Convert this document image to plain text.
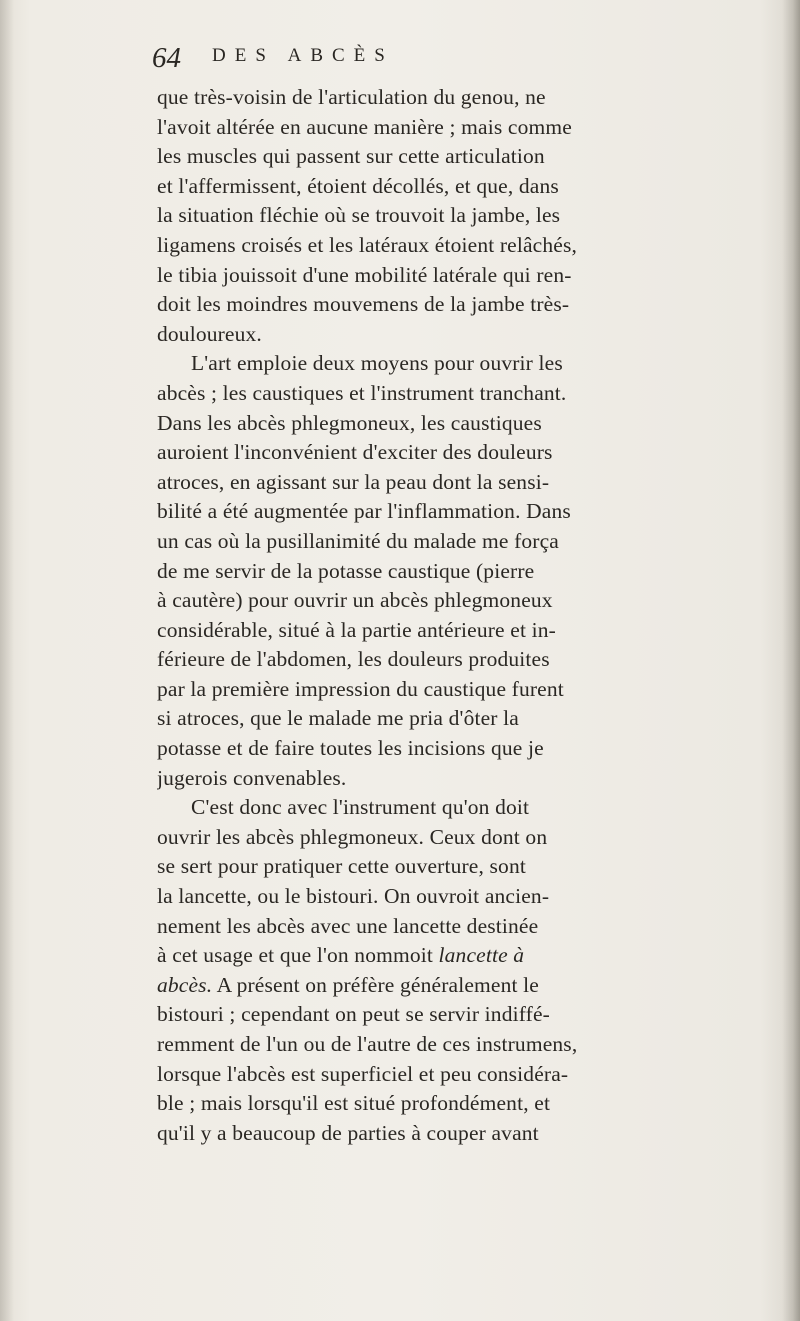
64 DES ABCÈS
que très-voisin de l'articulation du genou, ne
l'avoit altérée en aucune manière ; mais comme
les muscles qui passent sur cette articulation
et l'affermissent, étoient décollés, et que, dans
la situation fléchie où se trouvoit la jambe, les
ligamens croisés et les latéraux étoient relâchés,
le tibia jouissoit d'une mobilité latérale qui ren-
doit les moindres mouvemens de la jambe très-
douloureux.
L'art emploie deux moyens pour ouvrir les
abcès ; les caustiques et l'instrument tranchant.
Dans les abcès phlegmoneux, les caustiques
auroient l'inconvénient d'exciter des douleurs
atroces, en agissant sur la peau dont la sensi-
bilité a été augmentée par l'inflammation. Dans
un cas où la pusillanimité du malade me força
de me servir de la potasse caustique (pierre
à cautère) pour ouvrir un abcès phlegmoneux
considérable, situé à la partie antérieure et in-
férieure de l'abdomen, les douleurs produites
par la première impression du caustique furent
si atroces, que le malade me pria d'ôter la
potasse et de faire toutes les incisions que je
jugerois convenables.
C'est donc avec l'instrument qu'on doit
ouvrir les abcès phlegmoneux. Ceux dont on
se sert pour pratiquer cette ouverture, sont
la lancette, ou le bistouri. On ouvroit ancien-
nement les abcès avec une lancette destinée
à cet usage et que l'on nommoit lancette à
abcès. A présent on préfère généralement le
bistouri ; cependant on peut se servir indiffé-
remment de l'un ou de l'autre de ces instrumens,
lorsque l'abcès est superficiel et peu considéra-
ble ; mais lorsqu'il est situé profondément, et
qu'il y a beaucoup de parties à couper avant
